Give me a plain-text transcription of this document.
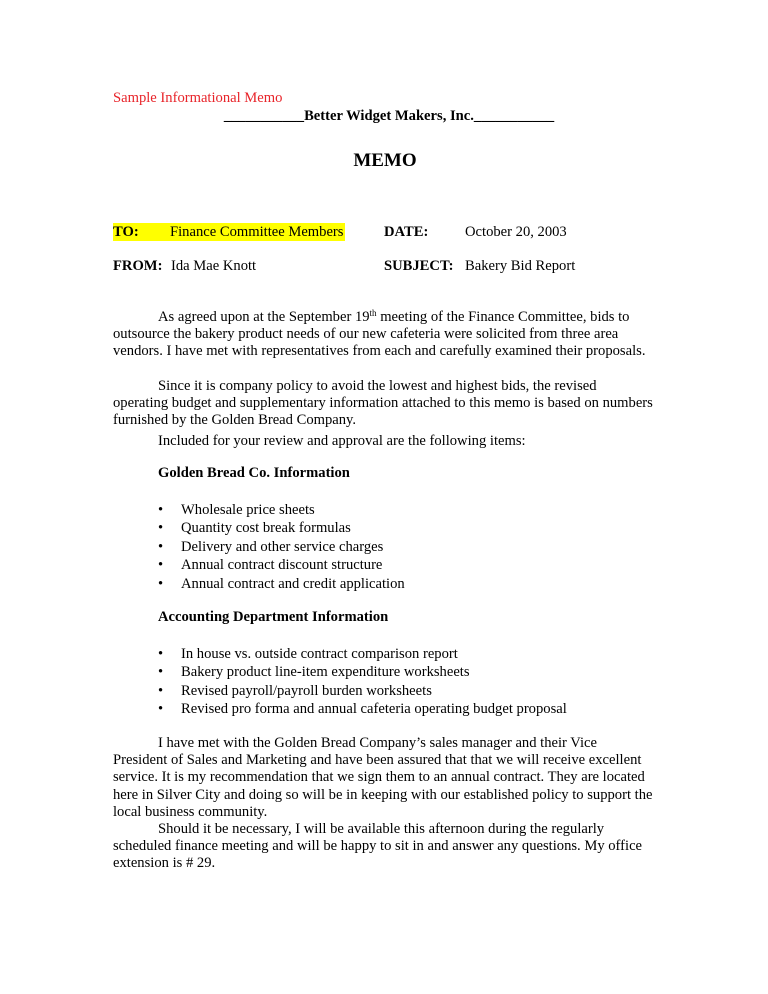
Sample Informational Memo
___________Better Widget Makers, Inc.___________
MEMO
TO: Finance Committee Members	DATE:	October 20, 2003
FROM: Ida Mae Knott	SUBJECT: Bakery Bid Report

As agreed upon at the September 19th meeting of the Finance Committee, bids to outsource the bakery product needs of our new cafeteria were solicited from three area vendors. I have met with representatives from each and carefully examined their proposals.

Since it is company policy to avoid the lowest and highest bids, the revised operating budget and supplementary information attached to this memo is based on numbers furnished by the Golden Bread Company.

Included for your review and approval are the following items:

Golden Bread Co. Information
• Wholesale price sheets
• Quantity cost break formulas
• Delivery and other service charges
• Annual contract discount structure
• Annual contract and credit application
Accounting Department Information
• In house vs. outside contract comparison report
• Bakery product line-item expenditure worksheets
• Revised payroll/payroll burden worksheets
• Revised pro forma and annual cafeteria operating budget proposal

I have met with the Golden Bread Company’s sales manager and their Vice President of Sales and Marketing and have been assured that that we will receive excellent service. It is my recommendation that we sign them to an annual contract. They are located here in Silver City and doing so will be in keeping with our established policy to support the local business community.

Should it be necessary, I will be available this afternoon during the regularly scheduled finance meeting and will be happy to sit in and answer any questions. My office extension is # 29.
